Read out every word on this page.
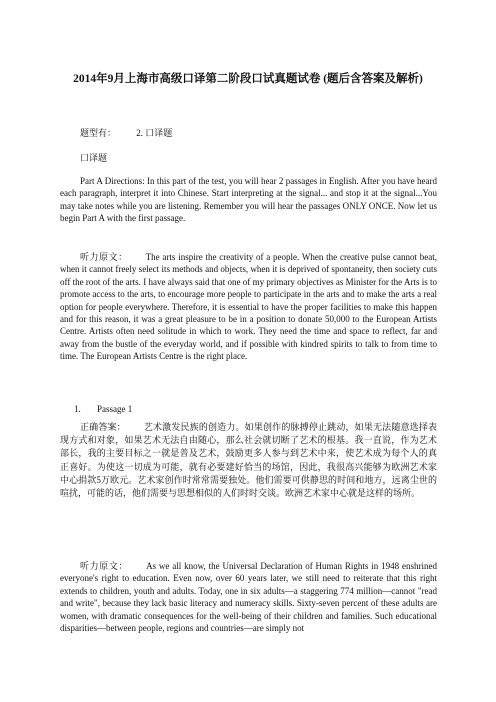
2014年9月上海市高级口译第二阶段口试真题试卷 (题后含答案及解析)
题型有： 2. 口译题
口译题
Part A Directions: In this part of the test, you will hear 2 passages in English. After you have heard each paragraph, interpret it into Chinese. Start interpreting at the signal... and stop it at the signal...You may take notes while you are listening. Remember you will hear the passages ONLY ONCE. Now let us begin Part A with the first passage.
听力原文： The arts inspire the creativity of a people. When the creative pulse cannot beat, when it cannot freely select its methods and objects, when it is deprived of spontaneity, then society cuts off the root of the arts. I have always said that one of my primary objectives as Minister for the Arts is to promote access to the arts, to encourage more people to participate in the arts and to make the arts a real option for people everywhere. Therefore, it is essential to have the proper facilities to make this happen and for this reason, it was a great pleasure to be in a position to donate 50,000 to the European Artists Centre. Artists often need solitude in which to work. They need the time and space to reflect, far and away from the bustle of the everyday world, and if possible with kindred spirits to talk to from time to time. The European Artists Centre is the right place.
1. Passage 1
正确答案： 艺术激发民族的创造力。如果创作的脉搏停止跳动，如果无法随意选择表现方式和对象，如果艺术无法自由随心，那么社会就切断了艺术的根基。我一直说，作为艺术部长，我的主要目标之一就是普及艺术，鼓励更多人参与到艺术中来，使艺术成为每个人的真正喜好。为使这一切成为可能，就有必要建好恰当的场馆，因此，我很高兴能够为欧洲艺术家中心捐款5万欧元。艺术家创作时常常需要独处。他们需要可供静思的时间和地方，远离尘世的喧扰，可能的话，他们需要与思想相似的人们时时交谈。欧洲艺术家中心就是这样的场所。
听力原文： As we all know, the Universal Declaration of Human Rights in 1948 enshrined everyone's right to education. Even now, over 60 years later, we still need to reiterate that this right extends to children, youth and adults. Today, one in six adults—a staggering 774 million—cannot "read and write", because they lack basic literacy and numeracy skills. Sixty-seven percent of these adults are women, with dramatic consequences for the well-being of their children and families. Such educational disparities—between people, regions and countries—are simply not
